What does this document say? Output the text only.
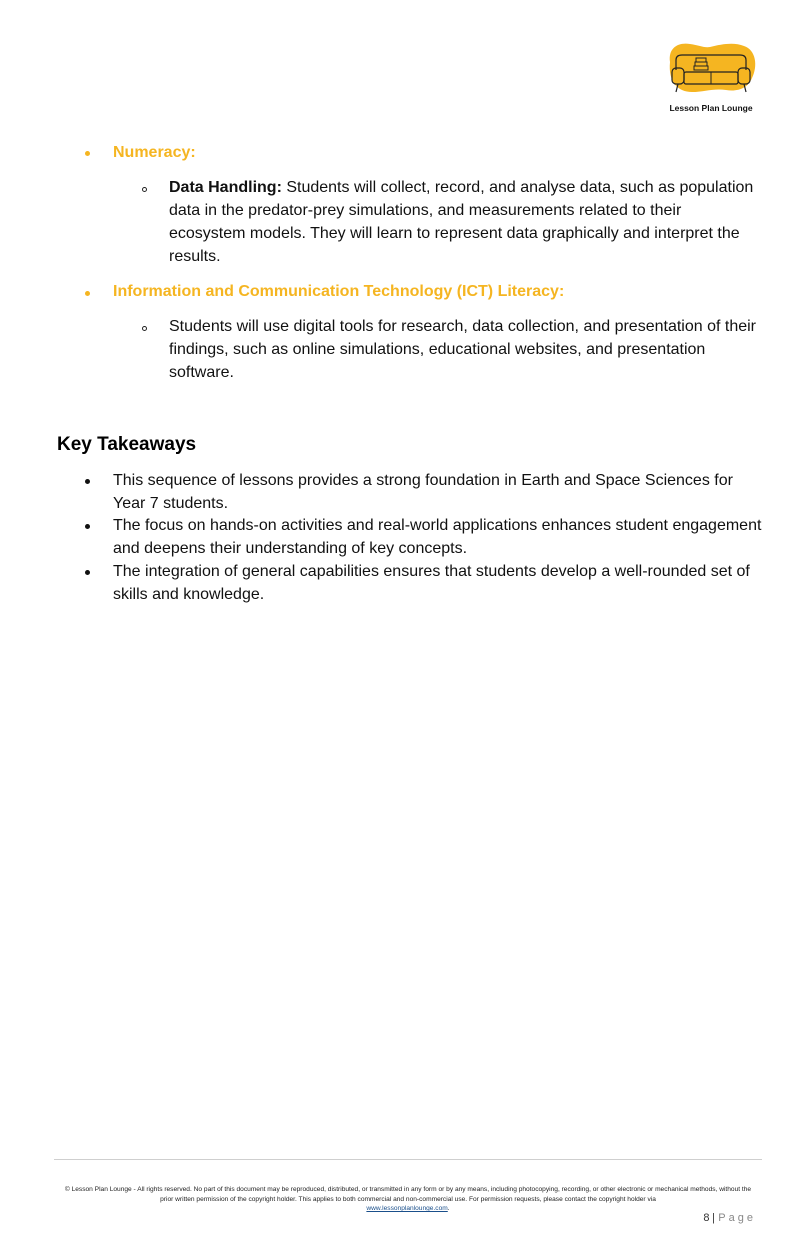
Lesson Plan Lounge
Numeracy:
Data Handling: Students will collect, record, and analyse data, such as population data in the predator-prey simulations, and measurements related to their ecosystem models. They will learn to represent data graphically and interpret the results.
Information and Communication Technology (ICT) Literacy:
Students will use digital tools for research, data collection, and presentation of their findings, such as online simulations, educational websites, and presentation software.
Key Takeaways
This sequence of lessons provides a strong foundation in Earth and Space Sciences for Year 7 students.
The focus on hands-on activities and real-world applications enhances student engagement and deepens their understanding of key concepts.
The integration of general capabilities ensures that students develop a well-rounded set of skills and knowledge.
© Lesson Plan Lounge - All rights reserved. No part of this document may be reproduced, distributed, or transmitted in any form or by any means, including photocopying, recording, or other electronic or mechanical methods, without the prior written permission of the copyright holder. This applies to both commercial and non-commercial use. For permission requests, please contact the copyright holder via
www.lessonplanlounge.com.
8 | Page
